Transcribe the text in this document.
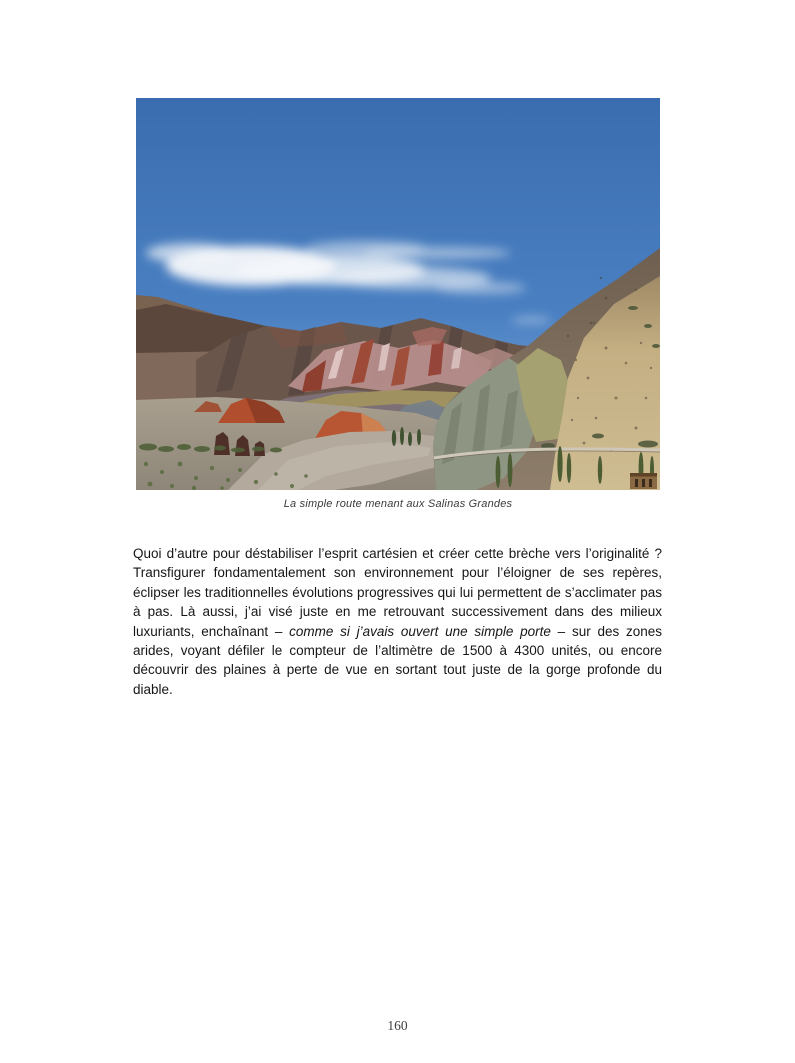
La simple route menant aux Salinas Grandes

Quoi d’autre pour déstabiliser l’esprit cartésien et créer cette brèche vers l’originalité ? Transfigurer fondamentalement son environnement pour l’éloigner de ses repères, éclipser les traditionnelles évolutions progressives qui lui permettent de s’acclimater pas à pas. Là aussi, j’ai visé juste en me retrouvant successivement dans des milieux luxuriants, enchaînant – comme si j’avais ouvert une simple porte – sur des zones arides, voyant défiler le compteur de l’altimètre de 1500 à 4300 unités, ou encore découvrir des plaines à perte de vue en sortant tout juste de la gorge profonde du diable.

160
